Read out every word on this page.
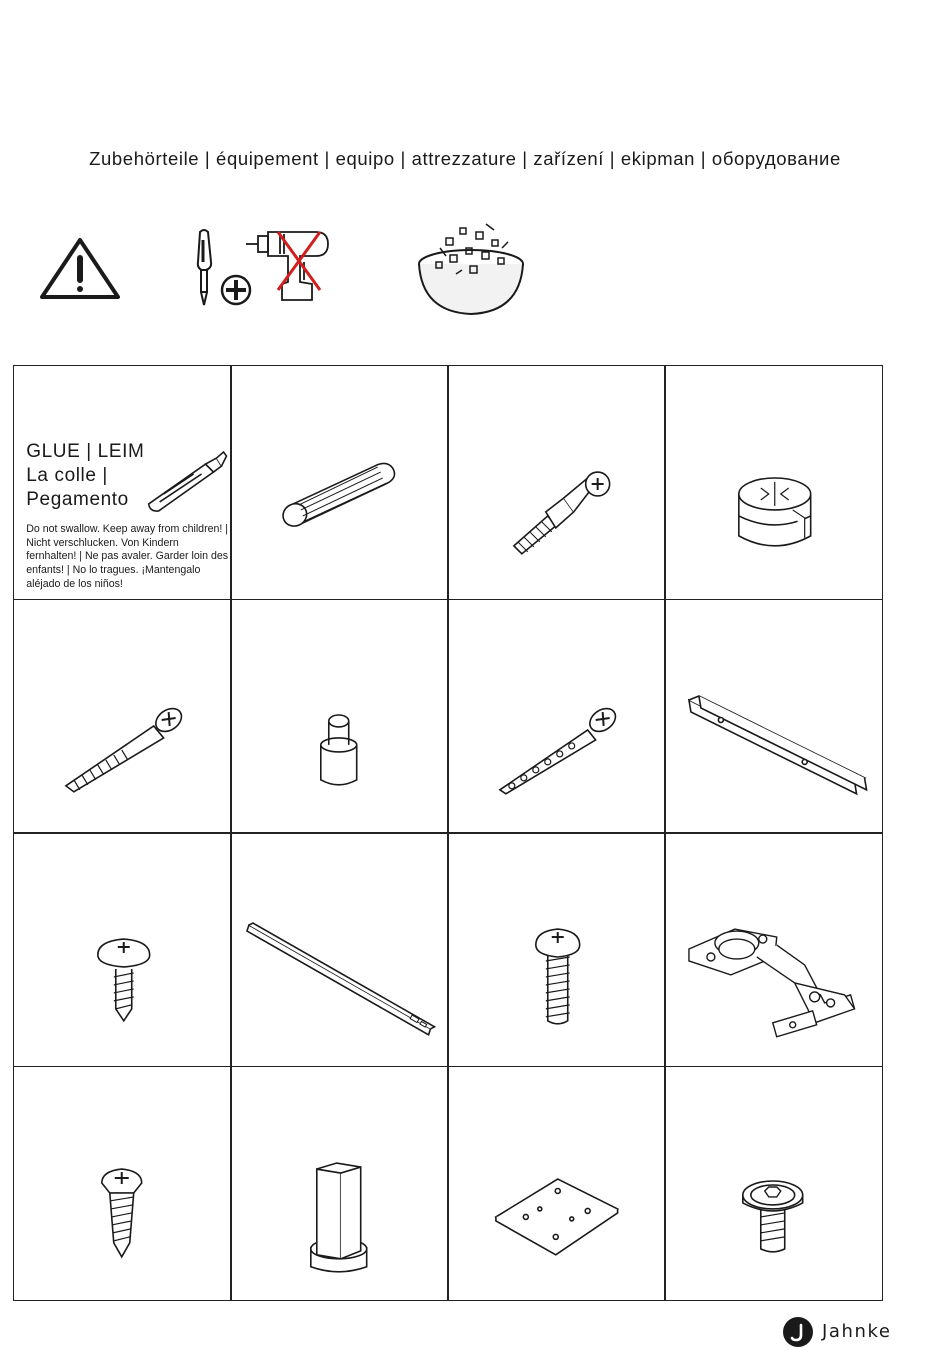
Zubehörteile | équipement | equipo | attrezzature | zařízení | ekipman | оборудование
GLUE | LEIM
La colle |
Pegamento
Do not swallow. Keep away from children! | Nicht verschlucken. Von Kindern fernhalten! | Ne pas avaler. Garder loin des enfants! | No lo tragues. ¡Mantengalo aléjado de los niños!
Jahnke
